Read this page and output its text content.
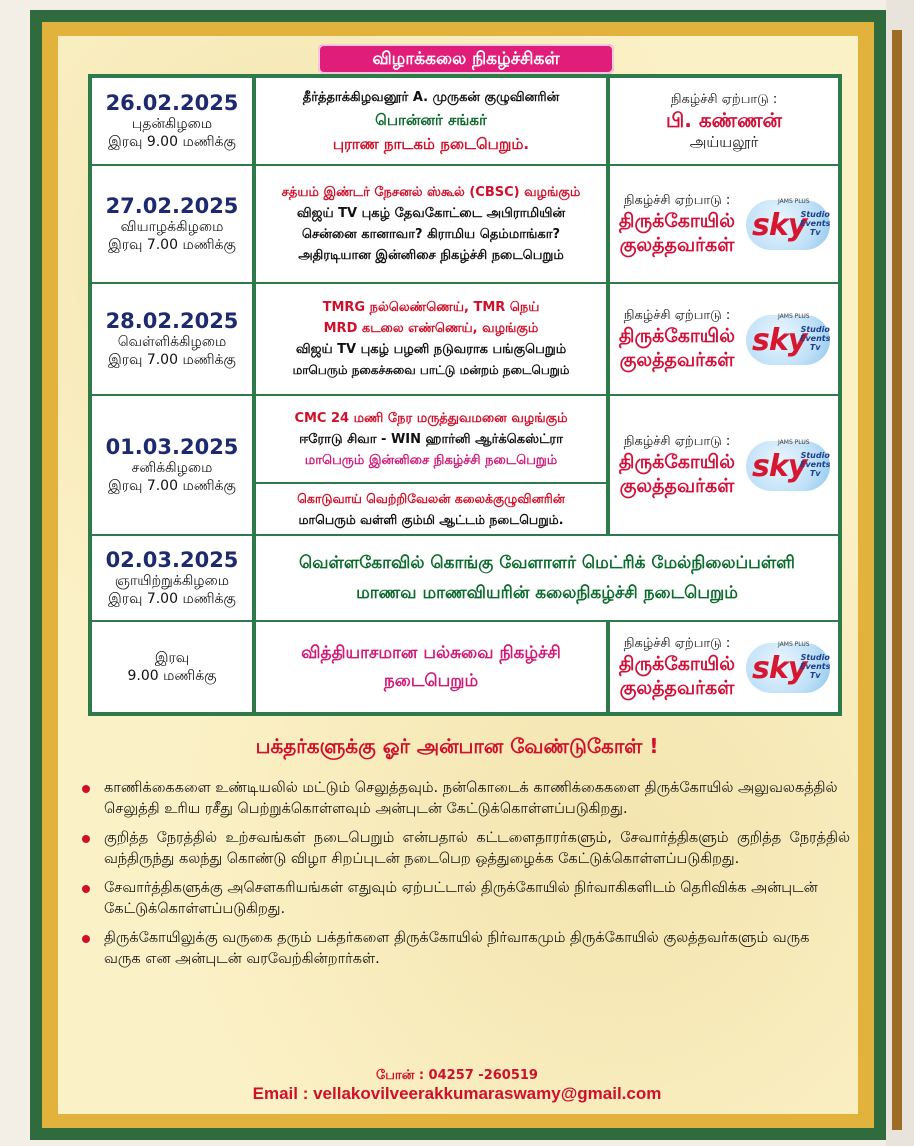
விழாக்கலை நிகழ்ச்சிகள்
26.02.2025
புதன்கிழமை
இரவு 9.00 மணிக்கு
தீர்த்தாக்கிழவனூர் A. முருகன் குழுவினரின்
பொன்னர் சங்கர்
புராண நாடகம் நடைபெறும்.
நிகழ்ச்சி ஏற்பாடு :
பி. கண்ணன்
அய்யலூர்
27.02.2025
வியாழக்கிழமை
இரவு 7.00 மணிக்கு
சத்யம் இண்டர் நேசனல் ஸ்கூல் (CBSC) வழங்கும்
விஜய் TV புகழ் தேவகோட்டை அபிராமியின்
சென்னை கானாவா? கிராமிய தெம்மாங்கா?
அதிரடியான இன்னிசை நிகழ்ச்சி நடைபெறும்
நிகழ்ச்சி ஏற்பாடு :
திருக்கோயில்
குலத்தவர்கள்
JAMS PLUS
sky
Studio
Events
Tv
28.02.2025
வெள்ளிக்கிழமை
இரவு 7.00 மணிக்கு
TMRG நல்லெண்ணெய், TMR நெய்
MRD கடலை எண்ணெய், வழங்கும்
விஜய் TV புகழ் பழனி நடுவராக பங்குபெறும்
மாபெரும் நகைச்சுவை பாட்டு மன்றம் நடைபெறும்
நிகழ்ச்சி ஏற்பாடு :
திருக்கோயில்
குலத்தவர்கள்
JAMS PLUS
sky
Studio
Events
Tv
01.03.2025
சனிக்கிழமை
இரவு 7.00 மணிக்கு
CMC 24 மணி நேர மருத்துவமனை வழங்கும்
ஈரோடு சிவா - WIN ஹார்னி ஆர்க்கெஸ்ட்ரா
மாபெரும் இன்னிசை நிகழ்ச்சி நடைபெறும்
கொடுவாய் வெற்றிவேலன் கலைக்குழுவினரின்
மாபெரும் வள்ளி கும்மி ஆட்டம் நடைபெறும்.
நிகழ்ச்சி ஏற்பாடு :
திருக்கோயில்
குலத்தவர்கள்
JAMS PLUS
sky
Studio
Events
Tv
02.03.2025
ஞாயிற்றுக்கிழமை
இரவு 7.00 மணிக்கு
வெள்ளகோவில் கொங்கு வேளாளர் மெட்ரிக் மேல்நிலைப்பள்ளி
மாணவ மாணவியரின் கலைநிகழ்ச்சி நடைபெறும்
இரவு
9.00 மணிக்கு
வித்தியாசமான பல்சுவை நிகழ்ச்சி
நடைபெறும்
நிகழ்ச்சி ஏற்பாடு :
திருக்கோயில்
குலத்தவர்கள்
JAMS PLUS
sky
Studio
Events
Tv
பக்தர்களுக்கு ஓர் அன்பான வேண்டுகோள் !
காணிக்கைகளை உண்டியலில் மட்டும் செலுத்தவும். நன்கொடைக் காணிக்கைகளை திருக்கோயில் அலுவலகத்தில் செலுத்தி உரிய ரசீது பெற்றுக்கொள்ளவும் அன்புடன் கேட்டுக்கொள்ளப்படுகிறது.
குறித்த நேரத்தில் உற்சவங்கள் நடைபெறும் என்பதால் கட்டளைதாரர்களும், சேவார்த்திகளும் குறித்த நேரத்தில் வந்திருந்து கலந்து கொண்டு விழா சிறப்புடன் நடைபெற ஒத்துழைக்க கேட்டுக்கொள்ளப்படுகிறது.
சேவார்த்திகளுக்கு அசௌகரியங்கள் எதுவும் ஏற்பட்டால் திருக்கோயில் நிர்வாகிகளிடம் தெரிவிக்க அன்புடன் கேட்டுக்கொள்ளப்படுகிறது.
திருக்கோயிலுக்கு வருகை தரும் பக்தர்களை திருக்கோயில் நிர்வாகமும் திருக்கோயில் குலத்தவர்களும் வருக வருக என அன்புடன் வரவேற்கின்றார்கள்.
போன் : 04257 -260519
Email : vellakovilveerakkumaraswamy@gmail.com
